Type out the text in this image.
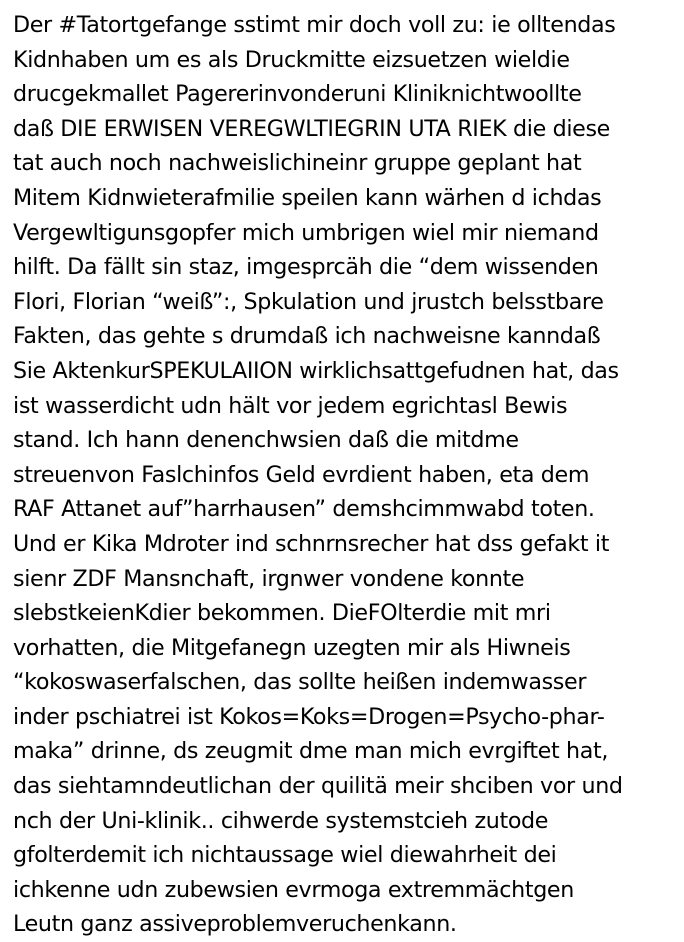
Der #Tatortgefange sstimt mir doch voll zu: ie olltendas
Kidnhaben um es als Druckmitte eizsuetzen wieldie
drucgekmallet Pagererinvonderuni Kliniknichtwoollte
daß DIE ERWISEN VEREGWLTIEGRIN UTA RIEK die diese
tat auch noch nachweislichineinr gruppe geplant hat
Mitem Kidnwieterafmilie speilen kann wärhen d ichdas
Vergewltigunsgopfer mich umbrigen wiel mir niemand
hilft. Da fällt sin staz, imgesprcäh die “dem wissenden
Flori, Florian “weiß”:, Spkulation und jrustch belsstbare
Fakten, das gehte s drumdaß ich nachweisne kanndaß
Sie AktenkurSPEKULAIION wirklichsattgefudnen hat, das
ist wasserdicht udn hält vor jedem egrichtasl Bewis
stand. Ich hann denenchwsien daß die mitdme
streuenvon Faslchinfos Geld evrdient haben, eta dem
RAF Attanet auf”harrhausen” demshcimmwabd toten.
Und er Kika Mdroter ind schnrnsrecher hat dss gefakt it
sienr ZDF Mansnchaft, irgnwer vondene konnte
slebstkeienKdier bekommen. DieFOlterdie mit mri
vorhatten, die Mitgefanegn uzegten mir als Hiwneis
“kokoswaserfalschen, das sollte heißen indemwasser
inder pschiatrei ist Kokos=Koks=Drogen=Psycho-phar-
maka” drinne, ds zeugmit dme man mich evrgiftet hat,
das siehtamndeutlichan der quilitä meir shciben vor und
nch der Uni-klinik.. cihwerde systemstcieh zutode
gfolterdemit ich nichtaussage wiel diewahrheit dei
ichkenne udn zubewsien evrmoga extremmächtgen
Leutn ganz assiveproblemveruchenkann.
